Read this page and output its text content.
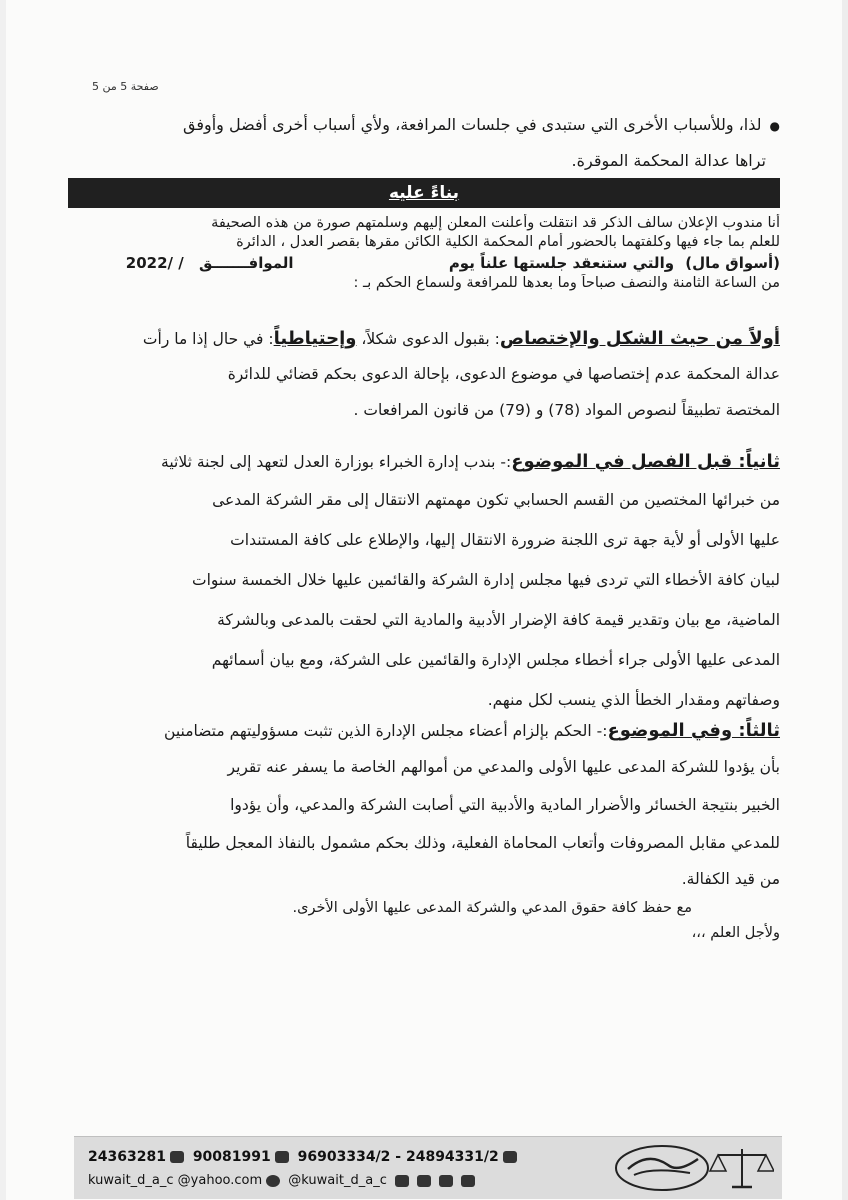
صفحة 5 من 5
●لذا، وللأسباب الأخرى التي ستبدى في جلسات المرافعة، ولأي أسباب أخرى أفضل وأوفق
تراها عدالة المحكمة الموقرة.
بناءً عليه
أنا مندوب الإعلان سالف الذكر قد انتقلت وأعلنت المعلن إليهم وسلمتهم صورة من هذه الصحيفة
للعلم بما جاء فيها وكلفتهما بالحضور أمام المحكمة الكلية الكائن مقرها بقصر العدل ، الدائرة
(أسواق مال) والتي ستنعقد جلستها علناً يوم الموافـــــــق / /2022
من الساعة الثامنة والنصف صباحاً وما بعدها للمرافعة ولسماع الحكم بـ :
أولاً من حيث الشكل والإختصاص: بقبول الدعوى شكلاً، وإحتياطياً: في حال إذا ما رأت
عدالة المحكمة عدم إختصاصها في موضوع الدعوى، بإحالة الدعوى بحكم قضائي للدائرة
المختصة تطبيقاً لنصوص المواد (78) و (79) من قانون المرافعات .
ثانياً: قبل الفصل في الموضوع:- بندب إدارة الخبراء بوزارة العدل لتعهد إلى لجنة ثلاثية
من خبرائها المختصين من القسم الحسابي تكون مهمتهم الانتقال إلى مقر الشركة المدعى
عليها الأولى أو لأية جهة ترى اللجنة ضرورة الانتقال إليها، والإطلاع على كافة المستندات
لبيان كافة الأخطاء التي تردى فيها مجلس إدارة الشركة والقائمين عليها خلال الخمسة سنوات
الماضية، مع بيان وتقدير قيمة كافة الإضرار الأدبية والمادية التي لحقت بالمدعى وبالشركة
المدعى عليها الأولى جراء أخطاء مجلس الإدارة والقائمين على الشركة، ومع بيان أسمائهم
وصفاتهم ومقدار الخطأ الذي ينسب لكل منهم.
ثالثاً: وفي الموضوع:- الحكم بإلزام أعضاء مجلس الإدارة الذين تثبت مسؤوليتهم متضامنين
بأن يؤدوا للشركة المدعى عليها الأولى والمدعي من أموالهم الخاصة ما يسفر عنه تقرير
الخبير بنتيجة الخسائر والأضرار المادية والأدبية التي أصابت الشركة والمدعي، وأن يؤدوا
للمدعي مقابل المصروفات وأتعاب المحاماة الفعلية، وذلك بحكم مشمول بالنفاذ المعجل طليقاً
من قيد الكفالة.
مع حفظ كافة حقوق المدعي والشركة المدعى عليها الأولى الأخرى.
ولأجل العلم ،،،
24363281 90081991 96903334/2 - 24894331/2
kuwait_d_a_c @yahoo.com @kuwait_d_a_c
